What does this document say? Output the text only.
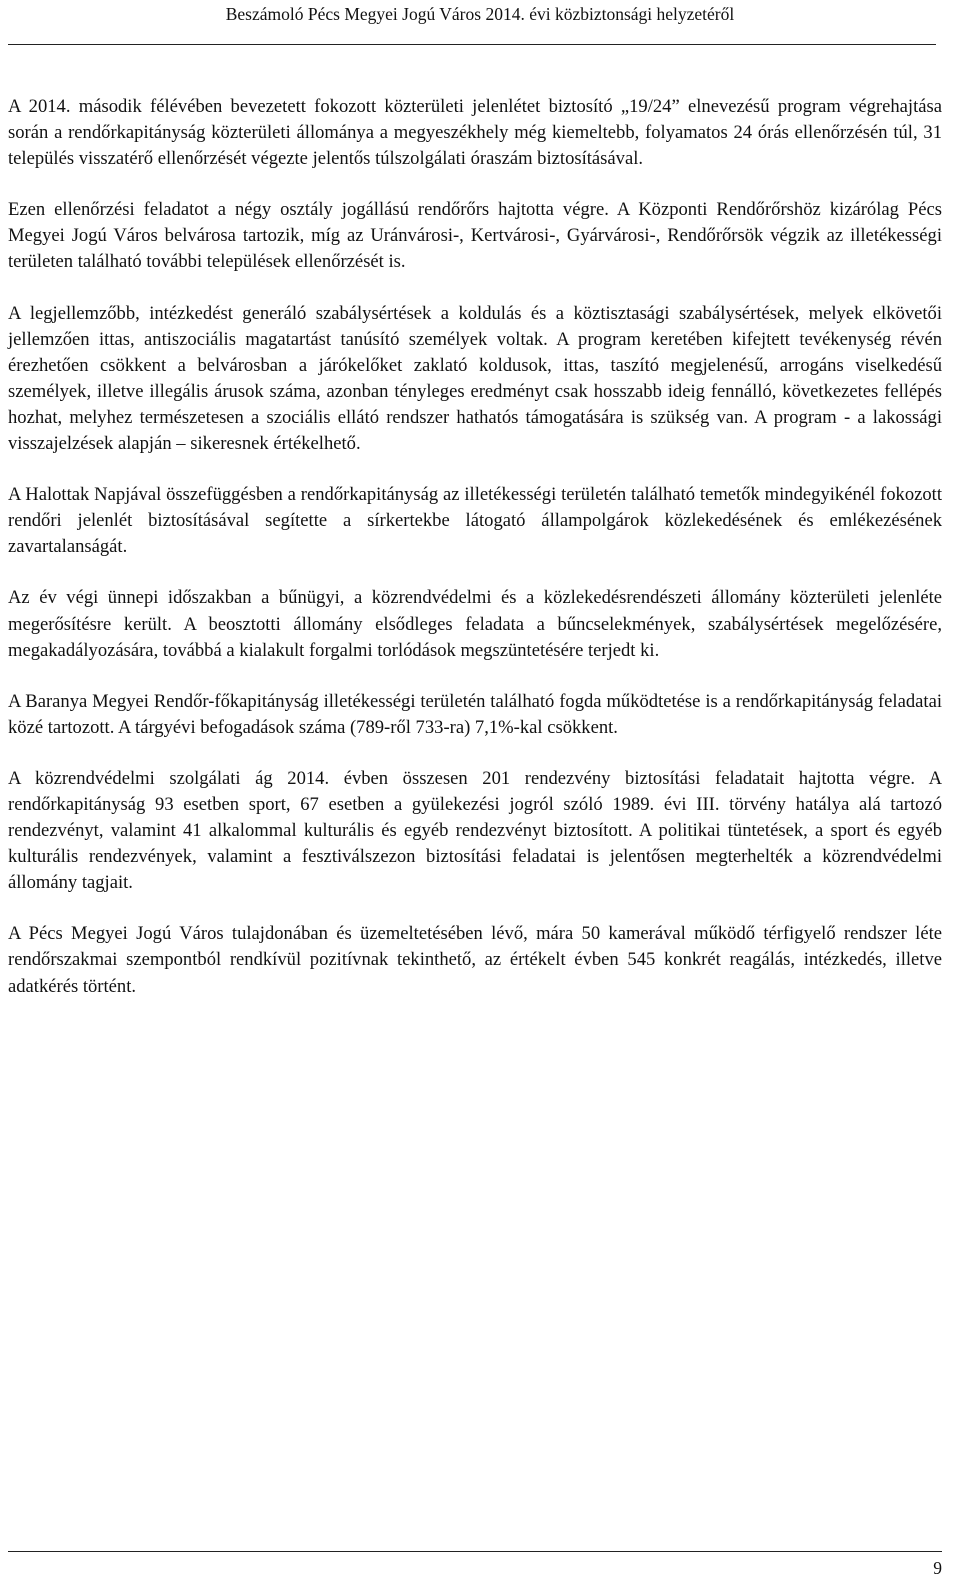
Beszámoló Pécs Megyei Jogú Város 2014. évi közbiztonsági helyzetéről

A 2014. második félévében bevezetett fokozott közterületi jelenlétet biztosító „19/24” elnevezésű program végrehajtása során a rendőrkapitányság közterületi állománya a megyeszékhely még kiemeltebb, folyamatos 24 órás ellenőrzésén túl, 31 település visszatérő ellenőrzését végezte jelentős túlszolgálati óraszám biztosításával.

Ezen ellenőrzési feladatot a négy osztály jogállású rendőrőrs hajtotta végre. A Központi Rendőrőrshöz kizárólag Pécs Megyei Jogú Város belvárosa tartozik, míg az Uránvárosi-, Kertvárosi-, Gyárvárosi-, Rendőrőrsök végzik az illetékességi területen található további települések ellenőrzését is.

A legjellemzőbb, intézkedést generáló szabálysértések a koldulás és a köztisztasági szabálysértések, melyek elkövetői jellemzően ittas, antiszociális magatartást tanúsító személyek voltak. A program keretében kifejtett tevékenység révén érezhetően csökkent a belvárosban a járókelőket zaklató koldusok, ittas, taszító megjelenésű, arrogáns viselkedésű személyek, illetve illegális árusok száma, azonban tényleges eredményt csak hosszabb ideig fennálló, következetes fellépés hozhat, melyhez természetesen a szociális ellátó rendszer hathatós támogatására is szükség van. A program - a lakossági visszajelzések alapján – sikeresnek értékelhető.

A Halottak Napjával összefüggésben a rendőrkapitányság az illetékességi területén található temetők mindegyikénél fokozott rendőri jelenlét biztosításával segítette a sírkertekbe látogató állampolgárok közlekedésének és emlékezésének zavartalanságát.

Az év végi ünnepi időszakban a bűnügyi, a közrendvédelmi és a közlekedésrendészeti állomány közterületi jelenléte megerősítésre került. A beosztotti állomány elsődleges feladata a bűncselekmények, szabálysértések megelőzésére, megakadályozására, továbbá a kialakult forgalmi torlódások megszüntetésére terjedt ki.

A Baranya Megyei Rendőr-főkapitányság illetékességi területén található fogda működtetése is a rendőrkapitányság feladatai közé tartozott. A tárgyévi befogadások száma (789-ről 733-ra) 7,1%-kal csökkent.

A közrendvédelmi szolgálati ág 2014. évben összesen 201 rendezvény biztosítási feladatait hajtotta végre. A rendőrkapitányság 93 esetben sport, 67 esetben a gyülekezési jogról szóló 1989. évi III. törvény hatálya alá tartozó rendezvényt, valamint 41 alkalommal kulturális és egyéb rendezvényt biztosított. A politikai tüntetések, a sport és egyéb kulturális rendezvények, valamint a fesztiválszezon biztosítási feladatai is jelentősen megterhelték a közrendvédelmi állomány tagjait.

A Pécs Megyei Jogú Város tulajdonában és üzemeltetésében lévő, mára 50 kamerával működő térfigyelő rendszer léte rendőrszakmai szempontból rendkívül pozitívnak tekinthető, az értékelt évben 545 konkrét reagálás, intézkedés, illetve adatkérés történt.

9
